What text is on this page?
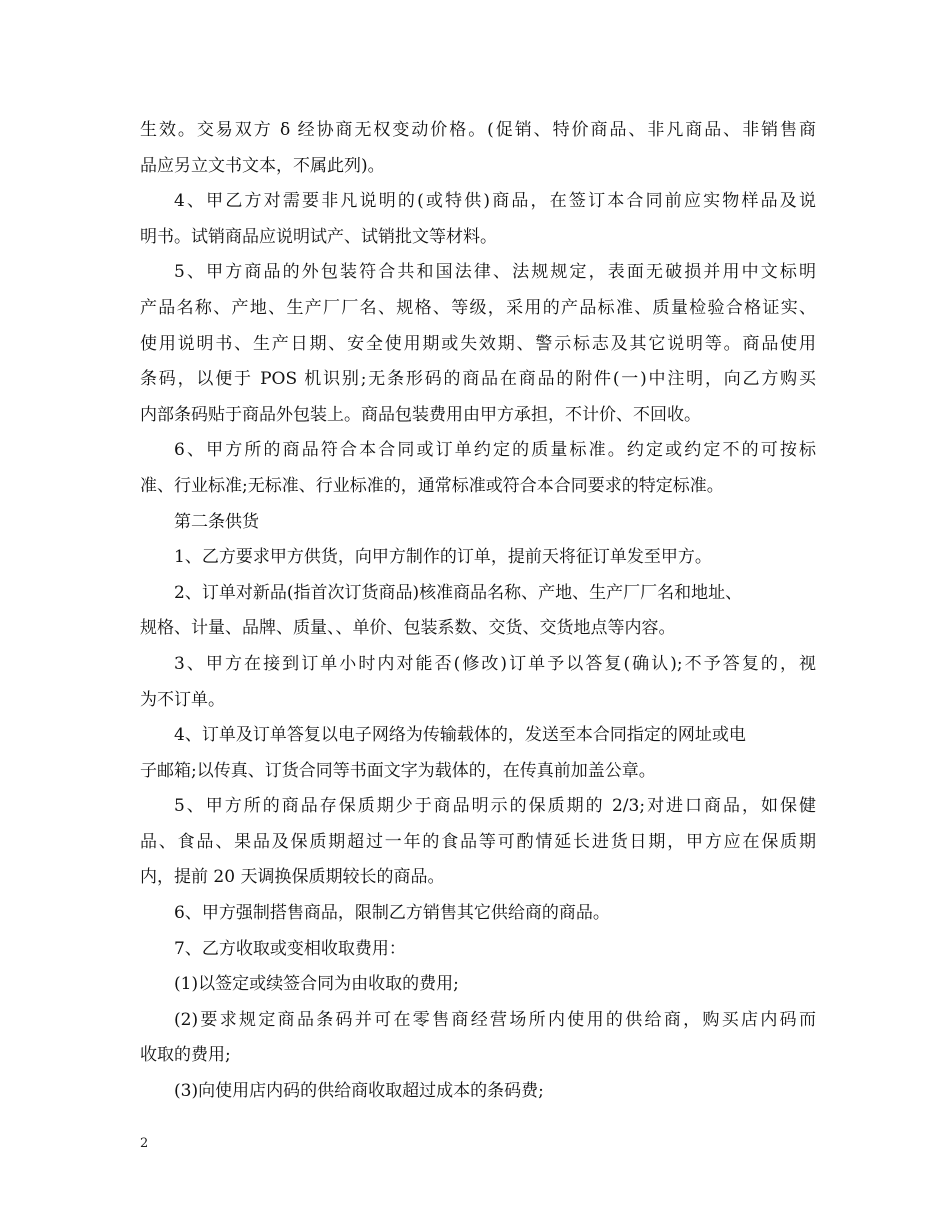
生效。交易双方 δ 经协商无权变动价格。(促销、特价商品、非凡商品、非销售商
品应另立文书文本，不属此列)。
4、甲乙方对需要非凡说明的(或特供)商品，在签订本合同前应实物样品及说
明书。试销商品应说明试产、试销批文等材料。
5、甲方商品的外包装符合共和国法律、法规规定，表面无破损并用中文标明
产品名称、产地、生产厂厂名、规格、等级，采用的产品标准、质量检验合格证实、
使用说明书、生产日期、安全使用期或失效期、警示标志及其它说明等。商品使用
条码，以便于 POS 机识别;无条形码的商品在商品的附件(一)中注明，向乙方购买
内部条码贴于商品外包装上。商品包装费用由甲方承担，不计价、不回收。
6、甲方所的商品符合本合同或订单约定的质量标准。约定或约定不的可按标
准、行业标准;无标准、行业标准的，通常标准或符合本合同要求的特定标准。
第二条供货
1、乙方要求甲方供货，向甲方制作的订单，提前天将征订单发至甲方。
2、订单对新品(指首次订货商品)核准商品名称、产地、生产厂厂名和地址、
规格、计量、品牌、质量、、单价、包装系数、交货、交货地点等内容。
3、甲方在接到订单小时内对能否(修改)订单予以答复(确认);不予答复的，视
为不订单。
4、订单及订单答复以电子网络为传输载体的，发送至本合同指定的网址或电
子邮箱;以传真、订货合同等书面文字为载体的，在传真前加盖公章。
5、甲方所的商品存保质期少于商品明示的保质期的 2/3;对进口商品，如保健
品、食品、果品及保质期超过一年的食品等可酌情延长进货日期，甲方应在保质期
内，提前 20 天调换保质期较长的商品。
6、甲方强制搭售商品，限制乙方销售其它供给商的商品。
7、乙方收取或变相收取费用：
(1)以签定或续签合同为由收取的费用;
(2)要求规定商品条码并可在零售商经营场所内使用的供给商，购买店内码而
收取的费用;
(3)向使用店内码的供给商收取超过成本的条码费;
2
